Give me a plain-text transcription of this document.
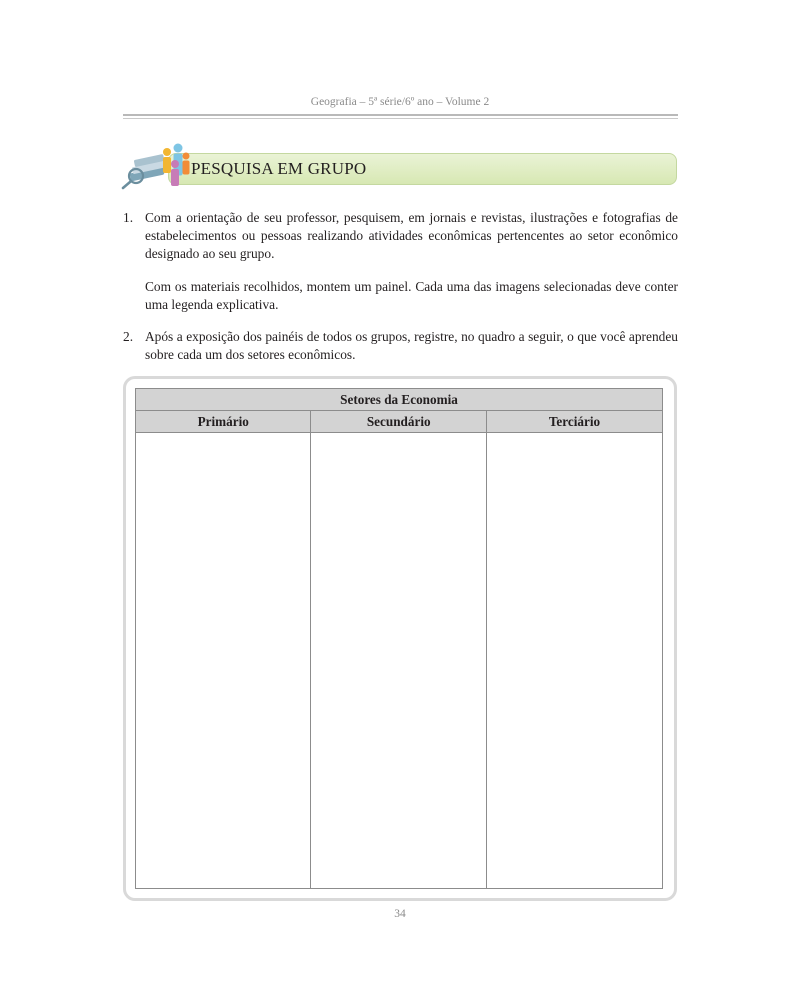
Geografia – 5ª série/6º ano – Volume 2
PESQUISA EM GRUPO
1. Com a orientação de seu professor, pesquisem, em jornais e revistas, ilustrações e fotografias de estabelecimentos ou pessoas realizando atividades econômicas pertencentes ao setor econômico designado ao seu grupo.
Com os materiais recolhidos, montem um painel. Cada uma das imagens selecionadas deve conter uma legenda explicativa.
2. Após a exposição dos painéis de todos os grupos, registre, no quadro a seguir, o que você aprendeu sobre cada um dos setores econômicos.
Setores da Economia		
Primário	Secundário	Terciário

34
